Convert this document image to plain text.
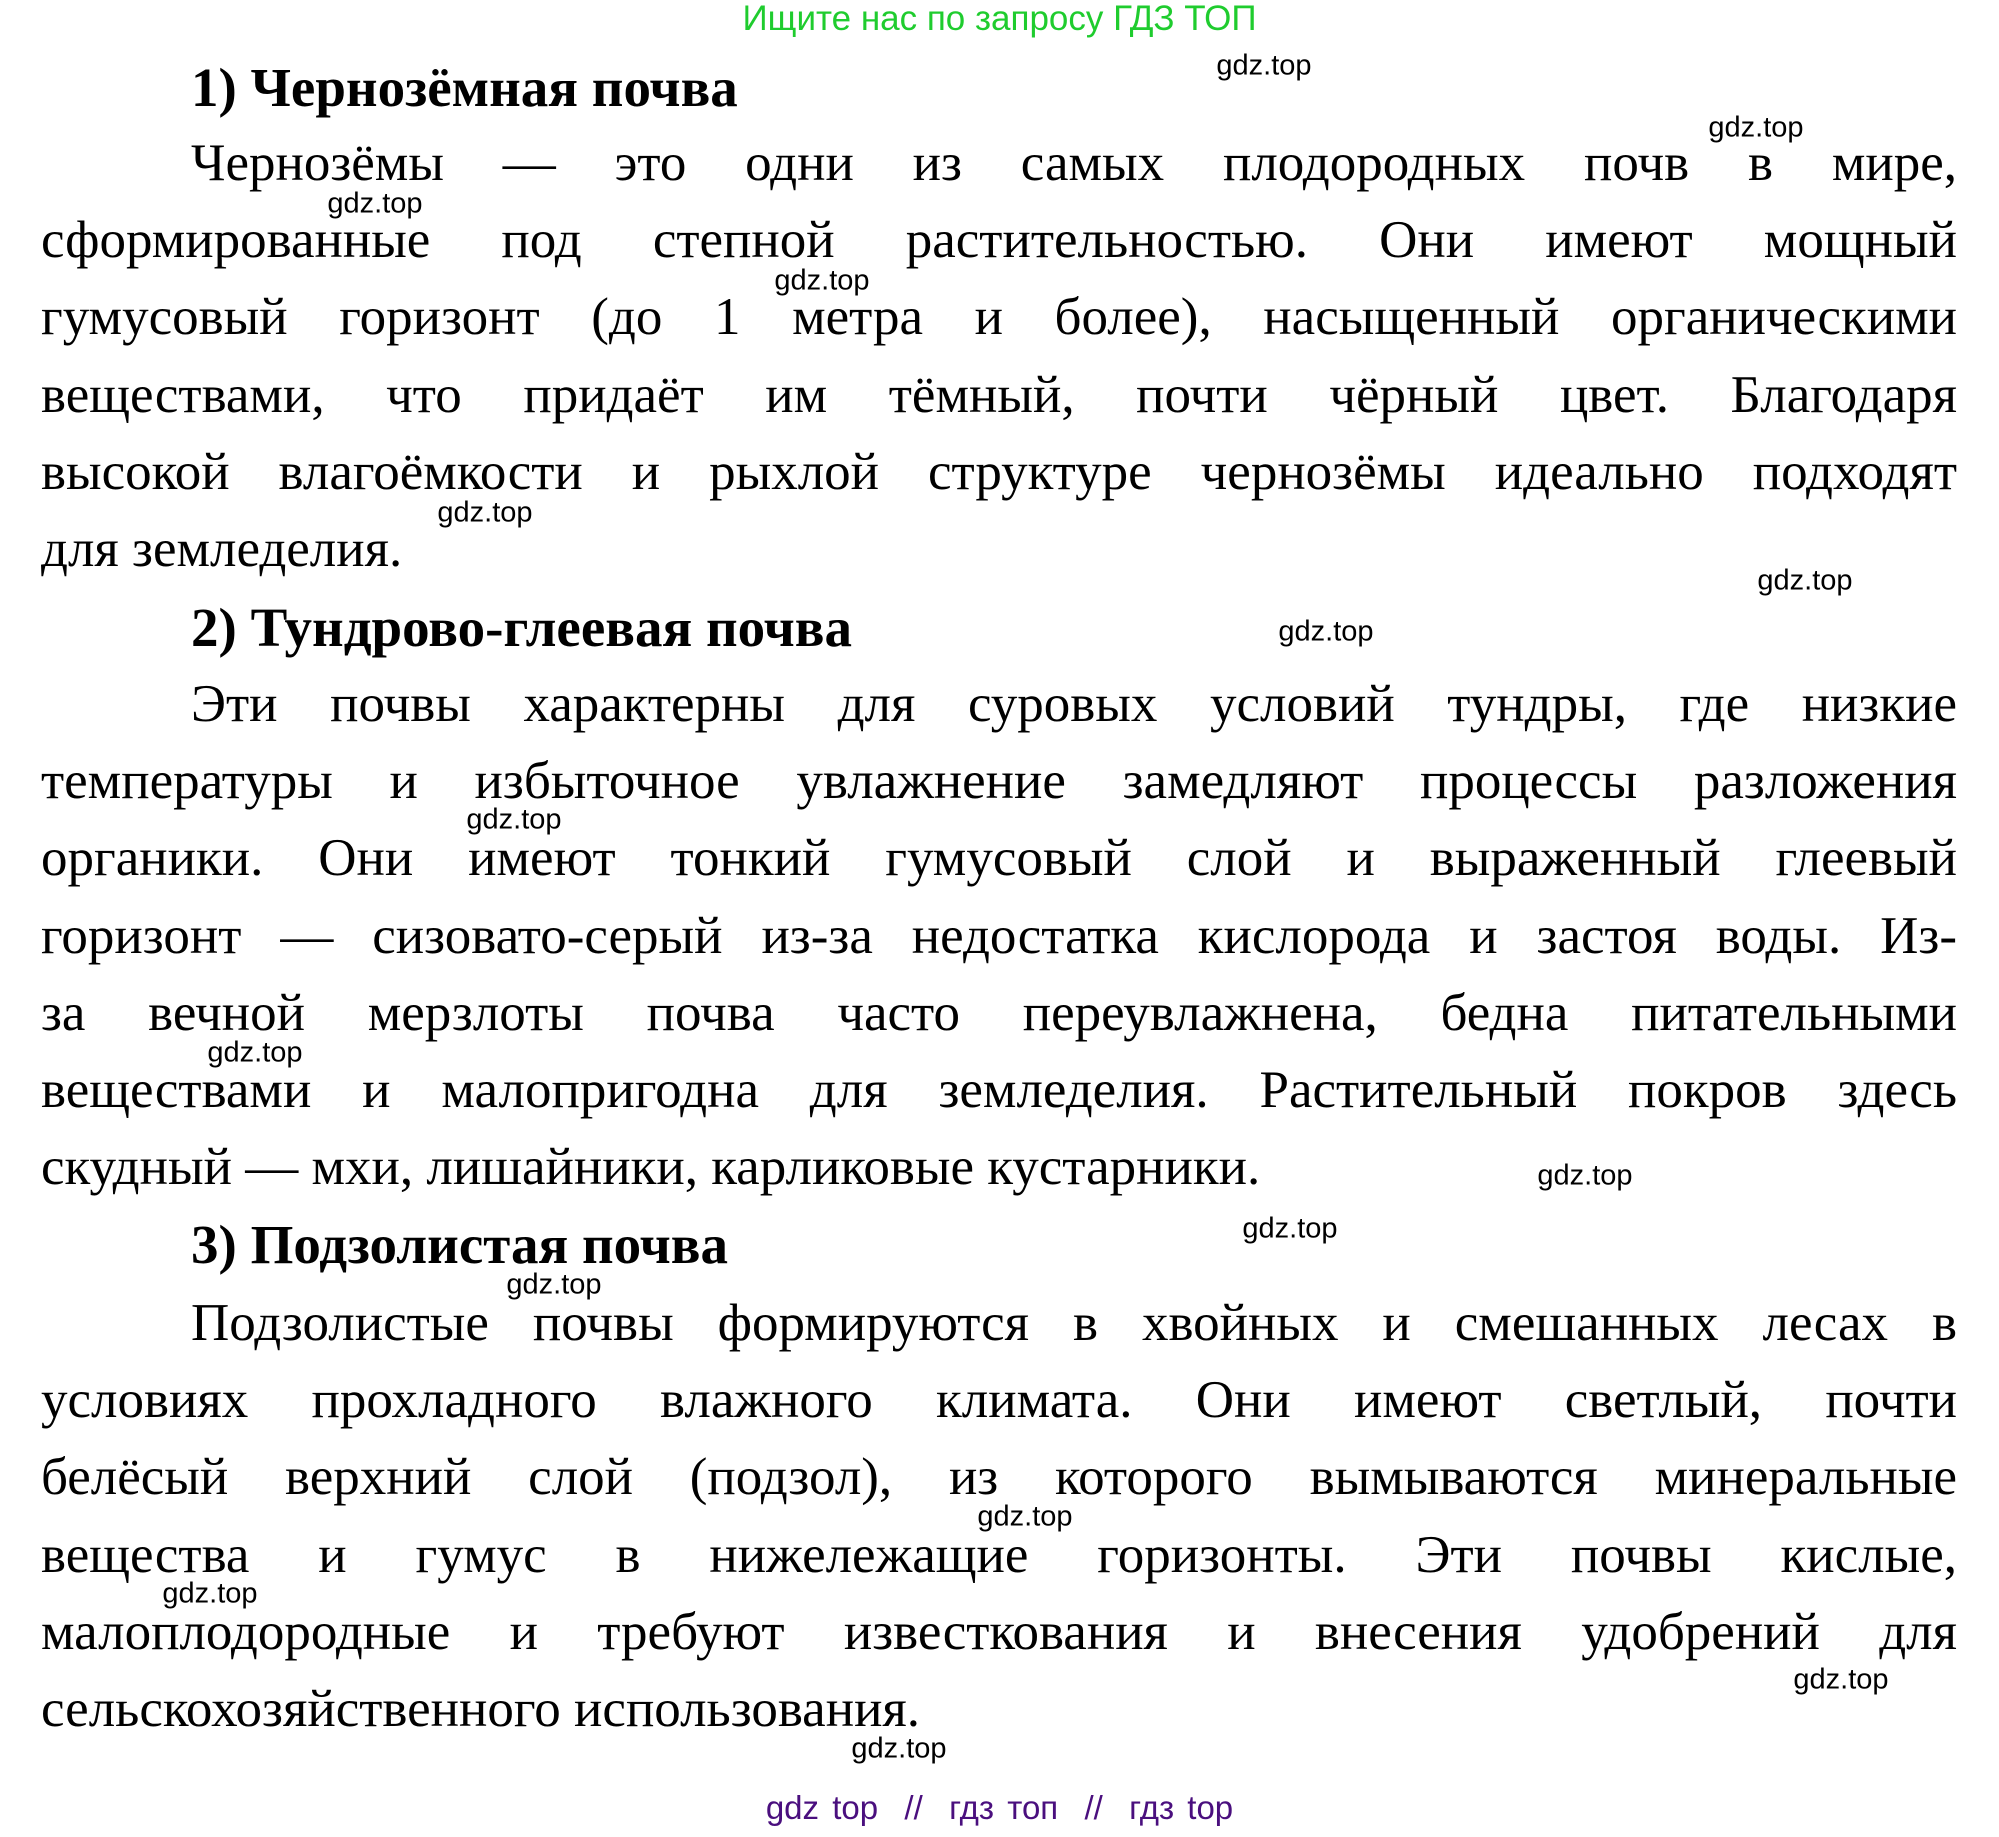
Ищите нас по запросу ГДЗ ТОП
1) Чернозёмная почва
Чернозёмы — это одни из самых плодородных почв в мире,
сформированные под степной растительностью. Они имеют мощный
гумусовый горизонт (до 1 метра и более), насыщенный органическими
веществами, что придаёт им тёмный, почти чёрный цвет. Благодаря
высокой влагоёмкости и рыхлой структуре чернозёмы идеально подходят
для земледелия.
2) Тундрово-глеевая почва
Эти почвы характерны для суровых условий тундры, где низкие
температуры и избыточное увлажнение замедляют процессы разложения
органики. Они имеют тонкий гумусовый слой и выраженный глеевый
горизонт — сизовато-серый из-за недостатка кислорода и застоя воды. Из-
за вечной мерзлоты почва часто переувлажнена, бедна питательными
веществами и малопригодна для земледелия. Растительный покров здесь
скудный — мхи, лишайники, карликовые кустарники.
3) Подзолистая почва
Подзолистые почвы формируются в хвойных и смешанных лесах в
условиях прохладного влажного климата. Они имеют светлый, почти
белёсый верхний слой (подзол), из которого вымываются минеральные
вещества и гумус в нижележащие горизонты. Эти почвы кислые,
малоплодородные и требуют известкования и внесения удобрений для
сельскохозяйственного использования.
gdz.top
gdz.top
gdz.top
gdz.top
gdz.top
gdz.top
gdz.top
gdz.top
gdz.top
gdz.top
gdz.top
gdz.top
gdz.top
gdz.top
gdz.top
gdz.top
gdz top  //  гдз топ  //  гдз top
